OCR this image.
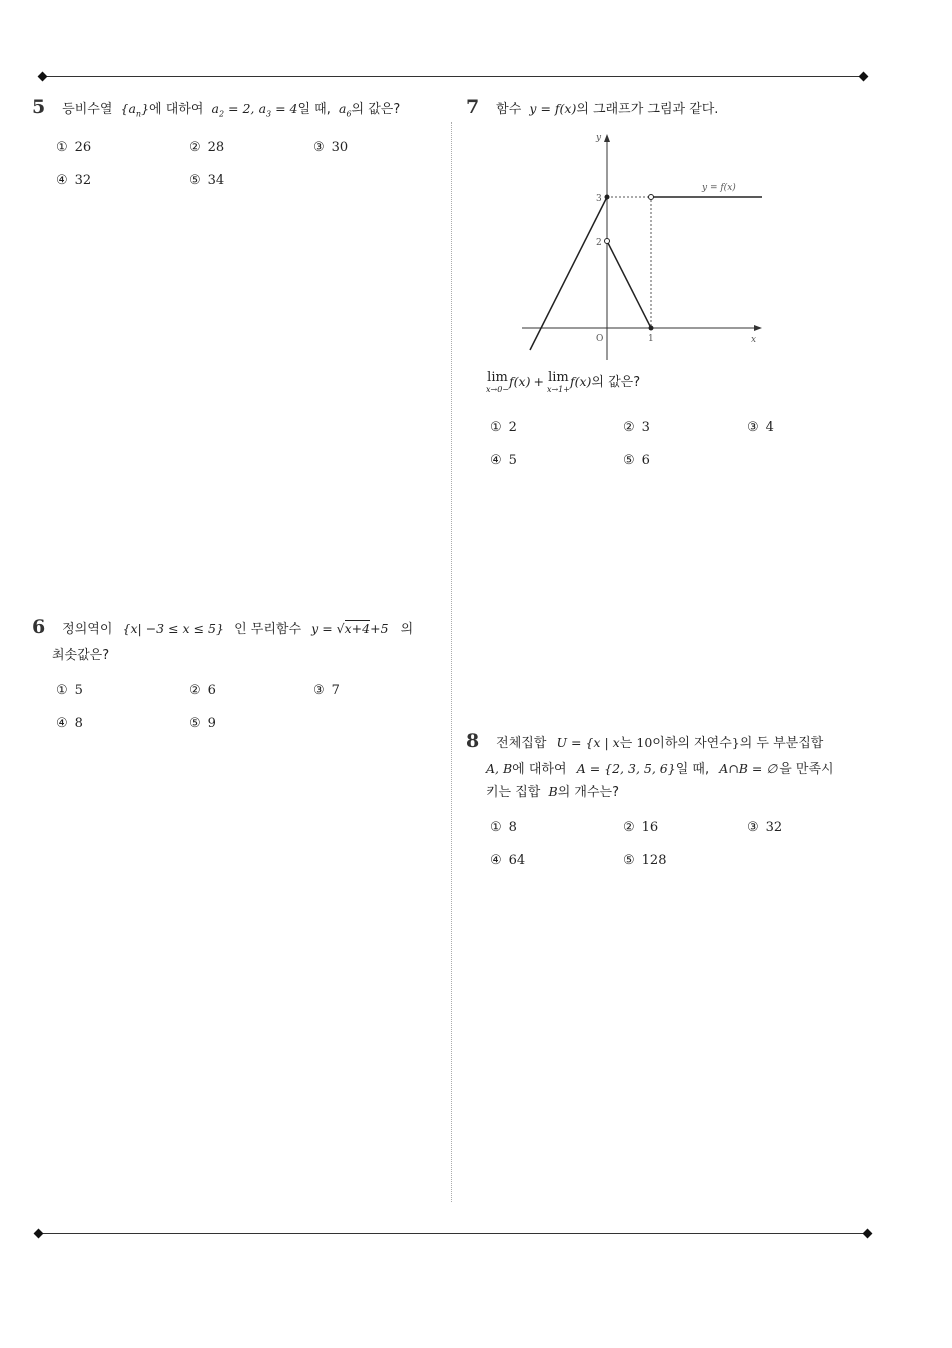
5 등비수열 $\{a_n\}$에 대하여 $a_2 = 2$, $a_3 = 4$일 때, $a_6$의 값은?
① 26	② 28	③ 30
④ 32	⑤ 34
6 정의역이 {x| −3 ≤ x ≤ 5} 인 무리함수 y = √x+4+5 의
최솟값은?
① 5	② 6	③ 7
④ 8	⑤ 9
7 함수 y = f(x)의 그래프가 그림과 같다.
x
y
O	1
2
3
y = f(x)
lim
x→0−
f(x) + lim
x→1+
f(x)의 값은?
① 2	② 3	③ 4
④ 5	⑤ 6
8 전체집합 U = {x | x는 10이하의 자연수}의 두 부분집합
A, B에 대하여 A = {2, 3, 5, 6}일 때, A∩B = ∅ 을 만족시
키는 집합 B의 개수는?
① 8	② 16	③ 32
④ 64	⑤ 128
